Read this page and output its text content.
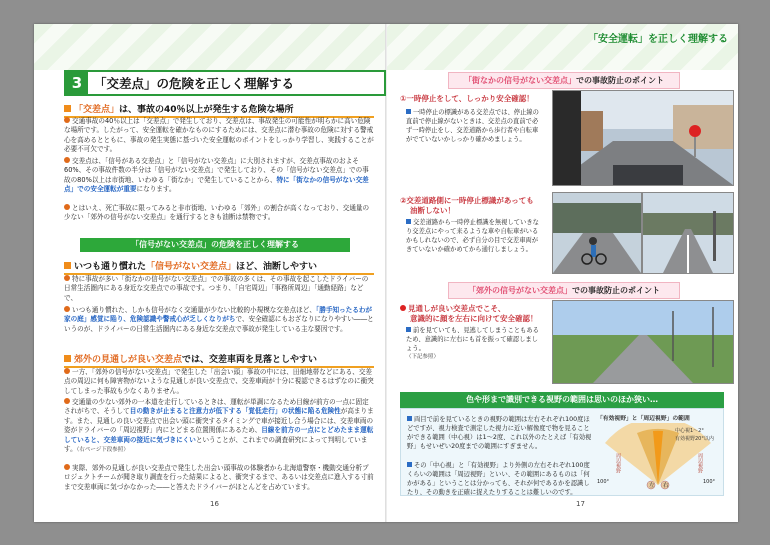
「安全運転」を正しく理解する
3 「交差点」の危険を正しく理解する
「交差点」は、事故の40％以上が発生する危険な場所
交通事故の40％以上は「交差点」で発生しており、交差点は、事故発生の可能性が明らかに高い危険な場所です。したがって、安全運転を確かなものにするためには、交差点に潜む事故の危険に対する警戒心を高めるとともに、事故の発生実態に基づいた安全運転のポイントをしっかり学習し、実践することが必要不可欠です。
交差点は、「信号がある交差点」と「信号がない交差点」に大別されますが、交差点事故のおよそ60%、その事故件数の半分は「信号がない交差点」で発生しており、その「信号がない交差点」での事故の80%以上は市街地、いわゆる「街なか」で発生していることから、特に「街なかの信号がない交差点」での安全運転が重要になります。
とはいえ、死亡事故に限ってみると非市街地、いわゆる「郊外」の割合が高くなっており、交通量の少ない「郊外の信号がない交差点」を通行するときも油断は禁物です。
「信号がない交差点」の危険を正しく理解する
いつも通り慣れた「信号がない交差点」ほど、油断しやすい
特に事故が多い「街なかの信号がない交差点」での事故の多くは、その事故を起こしたドライバーの日常生活圏内にある身近な交差点での事故です。つまり、「自宅周辺」「事務所周辺」「通勤経路」などで、
いつも通り慣れた、しかも信号がなく交通量が少ない比較的小規模な交差点ほど、「勝手知ったるわが家の庭」感覚に陥り、危険認識や警戒心が乏しくなりがちで、安全確認にもおざなりになりやすい――というのが、ドライバーの日常生活圏内にある身近な交差点で事故が発生している主な要因です。
郊外の見通しが良い交差点では、交差車両を見落としやすい
一方、「郊外の信号がない交差点」で発生した「出会い頭」事故の中には、田畑地帯などにある、交差点の周辺に何も障害物がないような見通しが良い交差点で、交差車両が十分に視認できるはずなのに衝突してしまった事故も少なくありません。
交通量の少ない郊外の一本道を走行しているときは、運転が単調になるため目線が前方の一点に固定されがちで、そうして目の動きが止まると注意力が低下する「覚低走行」の状態に陥る危険性が高まります。また、見通しの良い交差点で出会い頭に衝突するタイミングで車が接近し合う場合には、交差車両の姿がドライバーの「周辺視野」内にとどまる位置関係にあるため、目線を前方の一点にとどめたまま運転していると、交差車両の接近に気づきにくいということが、これまでの調査研究によって判明しています。（右ページ下段参照）
実際、郊外の見通しが良い交差点で発生した出会い頭事故の体験者から北海道警察・機動交通分析プロジェクトチームが聞き取り調査を行った結果によると、衝突するまで、あるいは交差点に進入する寸前まで交差車両に気づかなかった――と答えたドライバーがほとんどを占めています。
16
「街なかの信号がない交差点」での事故防止のポイント
①一時停止をして、しっかり安全確認！
一時停止の標識がある交差点では、停止線の直前で停止線がないときは、交差点の直前で必ず一時停止をし、交差道路から歩行者や自転車がでていないかしっかり確かめましょう。
②交差道路側に一時停止標識があっても
油断しない！
交差道路から一時停止標識を無視していきなり交差点にやって来るような車や自転車がいるかもしれないので、必ず自分の目で交差車両がきていないか確かめてから通行しましょう。
「郊外の信号がない交差点」での事故防止のポイント
見通しが良い交差点でこそ、
意識的に顔を左右に向けて安全確認！
前を見ていても、見逃してしまうこともあるため、意識的に左右にも首を振って確認しましょう。
（下記参照）
色や形まで識別できる視野の範囲は思いのほか狭い…
両目で前を見ているときの視野の範囲は左右それぞれ100度ほどですが、視力検査で測定した視力に近い解像度で物を見ることができる範囲（中心視）は1～2度、これ以外のたとえば「有効視野」もせいぜい20度までの範囲にすぎません。
その「中心視」と「有効視野」より外側の左右それぞれ100度くらいの範囲は「周辺視野」といい、その範囲にあるものは「何かがある」ということは分かっても、それが何であるかを認識したり、その動きを正確に捉えたりすることは難しいのです。
「有効視野」と「周辺視野」の範囲
中心視1～2°
有効視野20°以内
周辺視野	周辺視野
左 右
100°	100°
17
